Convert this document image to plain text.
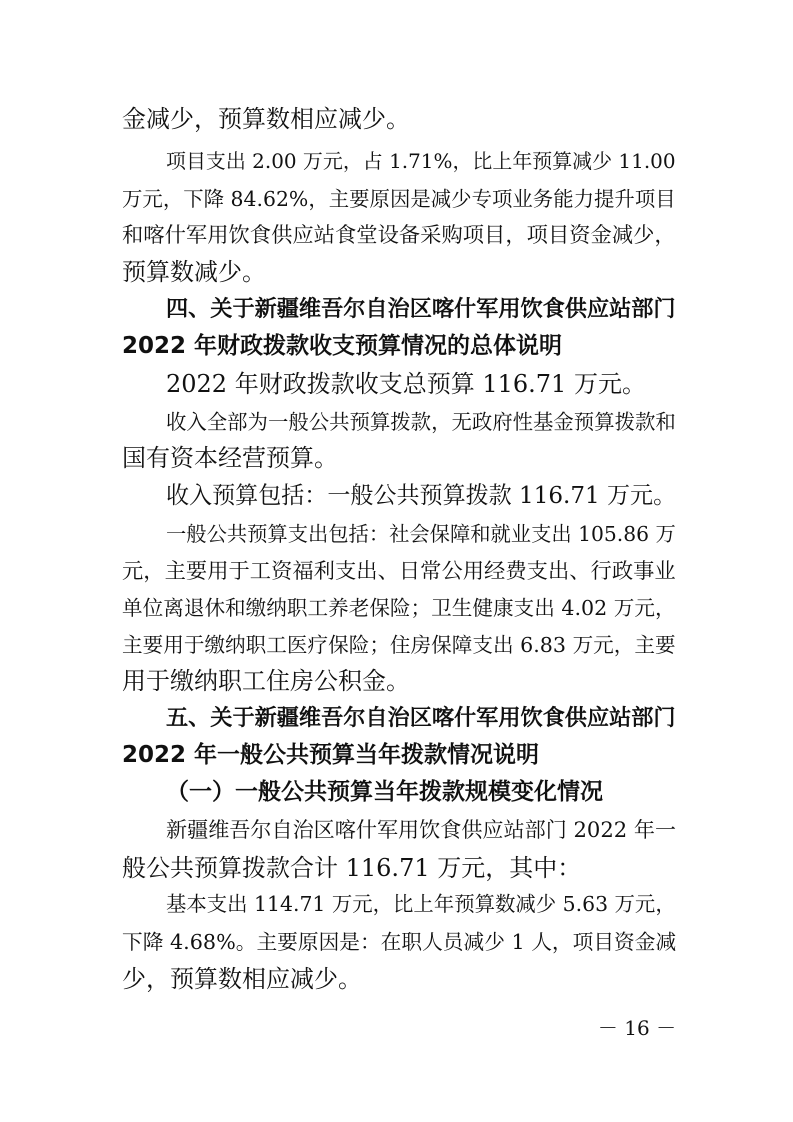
金减少，预算数相应减少。

项目支出 2.00 万元，占 1.71%，比上年预算减少 11.00

万元，下降 84.62%，主要原因是减少专项业务能力提升项目

和喀什军用饮食供应站食堂设备采购项目，项目资金减少，

预算数减少。

四、关于新疆维吾尔自治区喀什军用饮食供应站部门

2022 年财政拨款收支预算情况的总体说明

2022 年财政拨款收支总预算 116.71 万元。

收入全部为一般公共预算拨款，无政府性基金预算拨款和

国有资本经营预算。

收入预算包括：一般公共预算拨款 116.71 万元。

一般公共预算支出包括：社会保障和就业支出 105.86 万

元，主要用于工资福利支出、日常公用经费支出、行政事业

单位离退休和缴纳职工养老保险；卫生健康支出 4.02 万元，

主要用于缴纳职工医疗保险；住房保障支出 6.83 万元，主要

用于缴纳职工住房公积金。

五、关于新疆维吾尔自治区喀什军用饮食供应站部门

2022 年一般公共预算当年拨款情况说明

（一）一般公共预算当年拨款规模变化情况

新疆维吾尔自治区喀什军用饮食供应站部门 2022 年一

般公共预算拨款合计 116.71 万元，其中：

基本支出 114.71 万元，比上年预算数减少 5.63 万元，

下降 4.68%。主要原因是：在职人员减少 1 人，项目资金减

少，预算数相应减少。

－ 16 －
